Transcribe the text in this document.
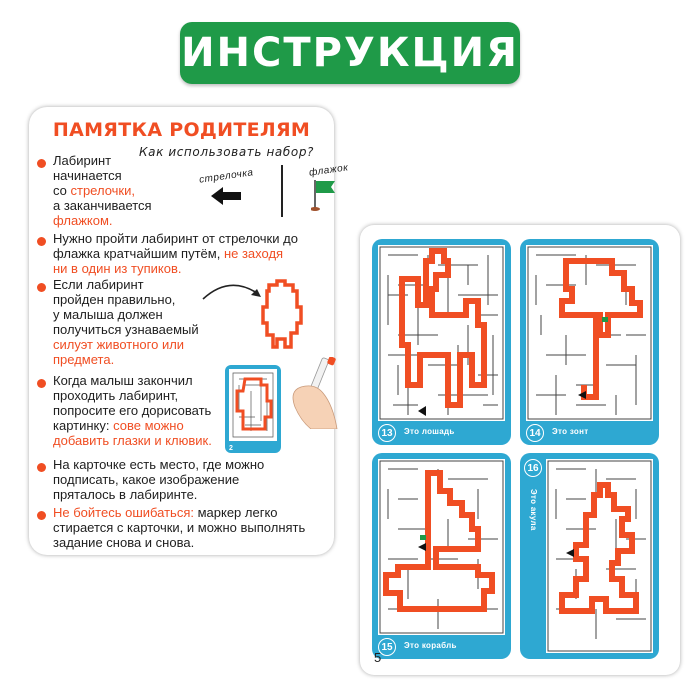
ИНСТРУКЦИЯ
ПАМЯТКА РОДИТЕЛЯМ
Как использовать набор?
Лабиринт
начинается
со стрелочки,
а заканчивается
флажком.
стрелочка	флажок
Нужно пройти лабиринт от стрелочки до
флажка кратчайшим путём, не заходя
ни в один из тупиков.
Если лабиринт
пройден правильно,
у малыша должен
получиться узнаваемый
силуэт животного или
предмета.
Когда малыш закончил
проходить лабиринт,
попросите его дорисовать
картинку: сове можно
добавить глазки и клювик.
2
На карточке есть место, где можно
подписать, какое изображение
пряталось в лабиринте.
Не бойтесь ошибаться: маркер легко
стирается с карточки, и можно выполнять
задание снова и снова.
13	Это лошадь	14	Это зонт
15	Это корабль
16
Это акула
5
